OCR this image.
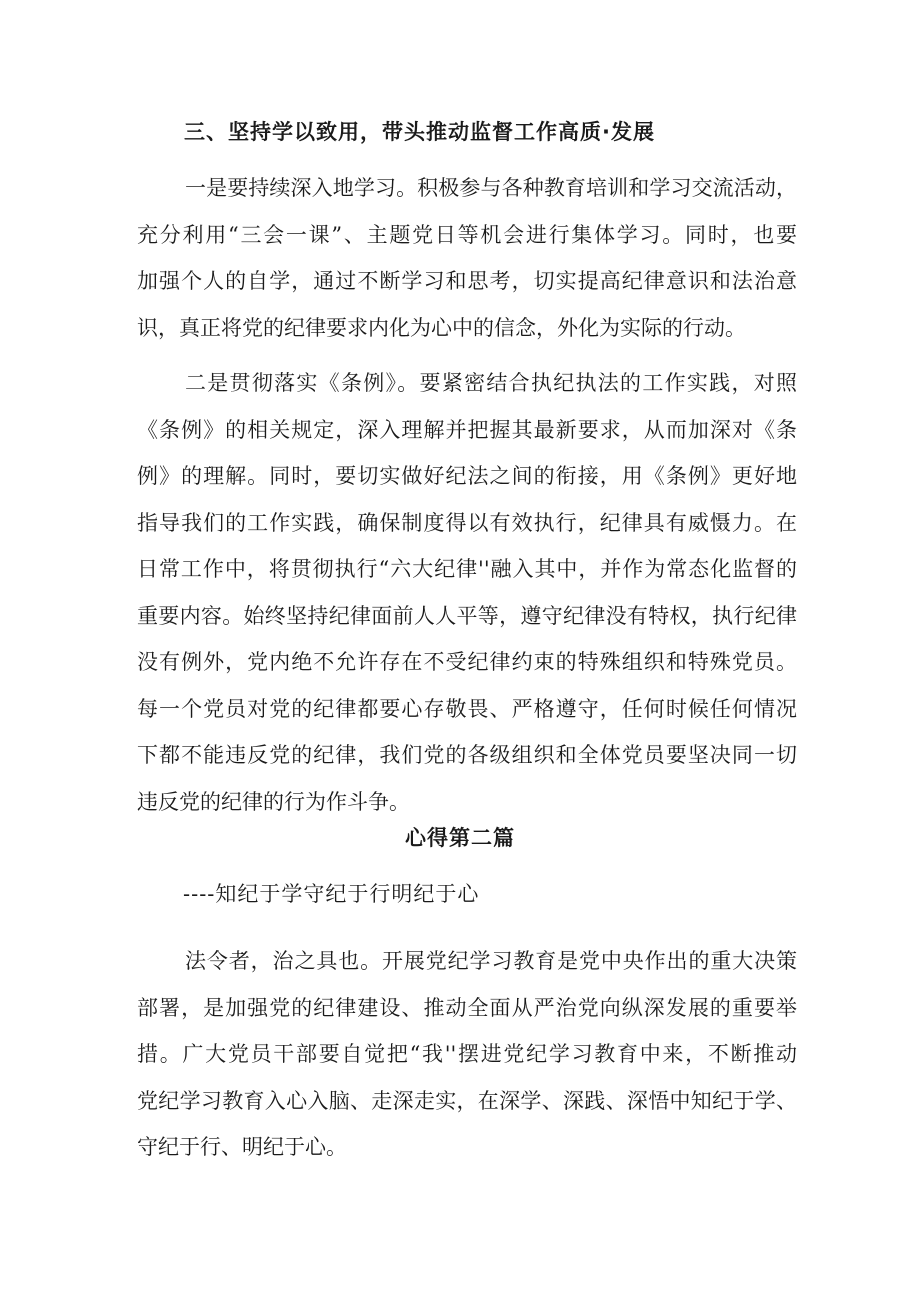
三、坚持学以致用，带头推动监督工作高质·发展
一是要持续深入地学习。积极参与各种教育培训和学习交流活动，
充分利用“三会一课”、主题党日等机会进行集体学习。同时，也要
加强个人的自学，通过不断学习和思考，切实提高纪律意识和法治意
识，真正将党的纪律要求内化为心中的信念，外化为实际的行动。
二是贯彻落实《条例》。要紧密结合执纪执法的工作实践，对照
《条例》的相关规定，深入理解并把握其最新要求，从而加深对《条
例》的理解。同时，要切实做好纪法之间的衔接，用《条例》更好地
指导我们的工作实践，确保制度得以有效执行，纪律具有威慑力。在
日常工作中，将贯彻执行“六大纪律''融入其中，并作为常态化监督的
重要内容。始终坚持纪律面前人人平等，遵守纪律没有特权，执行纪律
没有例外，党内绝不允许存在不受纪律约束的特殊组织和特殊党员。
每一个党员对党的纪律都要心存敬畏、严格遵守，任何时候任何情况
下都不能违反党的纪律，我们党的各级组织和全体党员要坚决同一切
违反党的纪律的行为作斗争。
心得第二篇
----知纪于学守纪于行明纪于心
法令者，治之具也。开展党纪学习教育是党中央作出的重大决策
部署，是加强党的纪律建设、推动全面从严治党向纵深发展的重要举
措。广大党员干部要自觉把“我''摆进党纪学习教育中来，不断推动
党纪学习教育入心入脑、走深走实，在深学、深践、深悟中知纪于学、
守纪于行、明纪于心。
